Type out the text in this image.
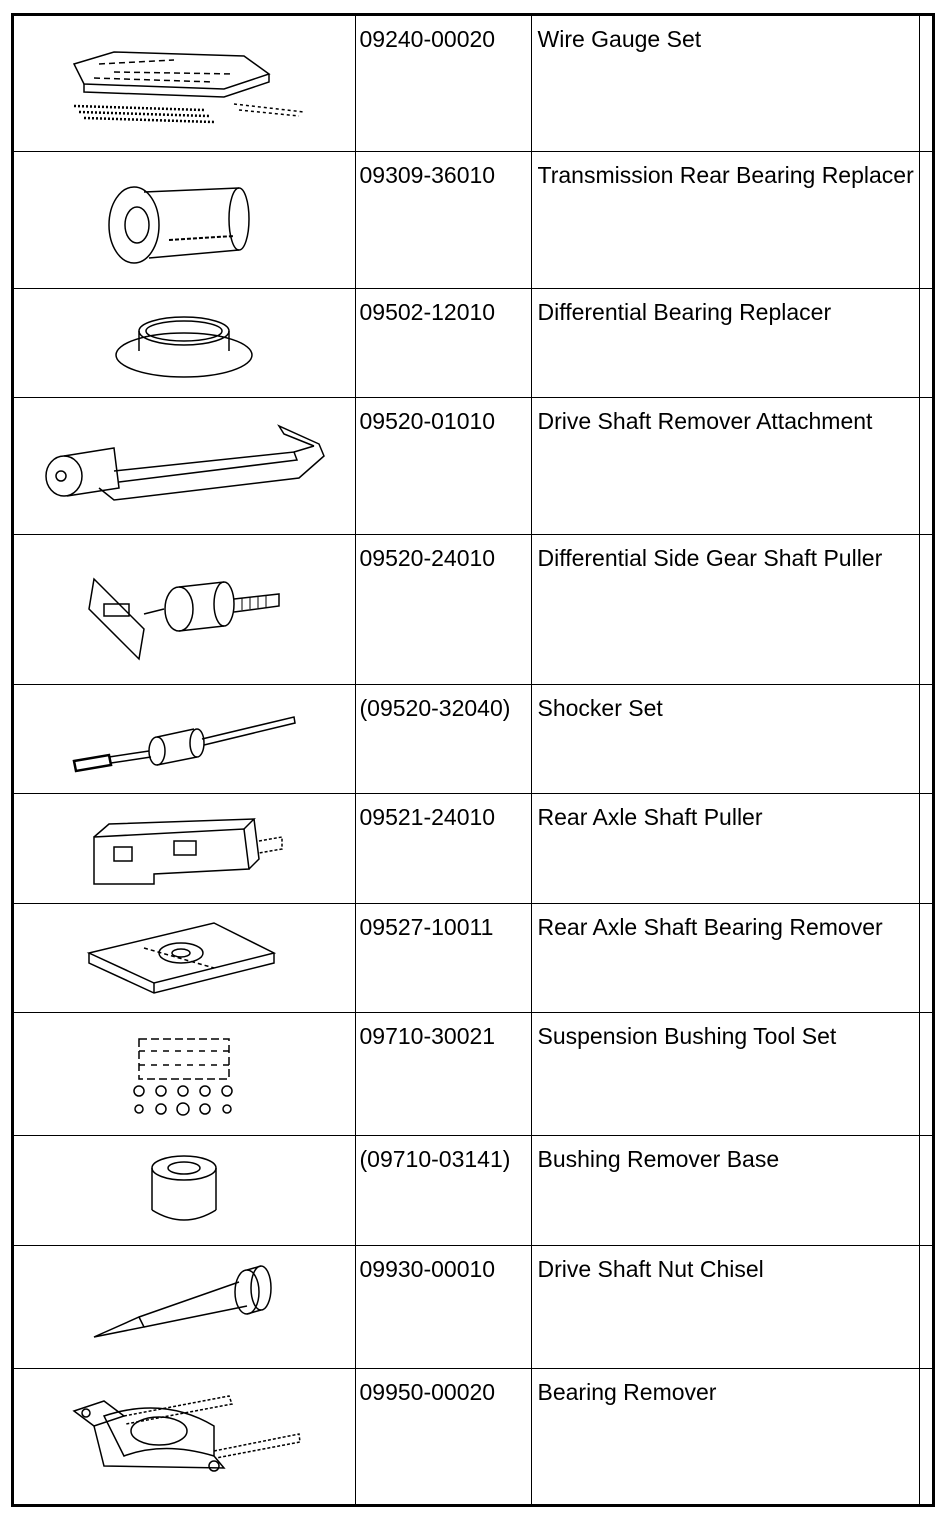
	09240-00020	Wire Gauge Set	

	09309-36010	Transmission Rear Bearing Replacer	

	09502-12010	Differential Bearing Replacer	

	09520-01010	Drive Shaft Remover Attachment	

	09520-24010	Differential Side Gear Shaft Puller	

	(09520-32040)	Shocker Set	

	09521-24010	Rear Axle Shaft Puller	

	09527-10011	Rear Axle Shaft Bearing Remover	

	09710-30021	Suspension Bushing Tool Set	

	(09710-03141)	Bushing Remover Base	

	09930-00010	Drive Shaft Nut Chisel	

	09950-00020	Bearing Remover	
